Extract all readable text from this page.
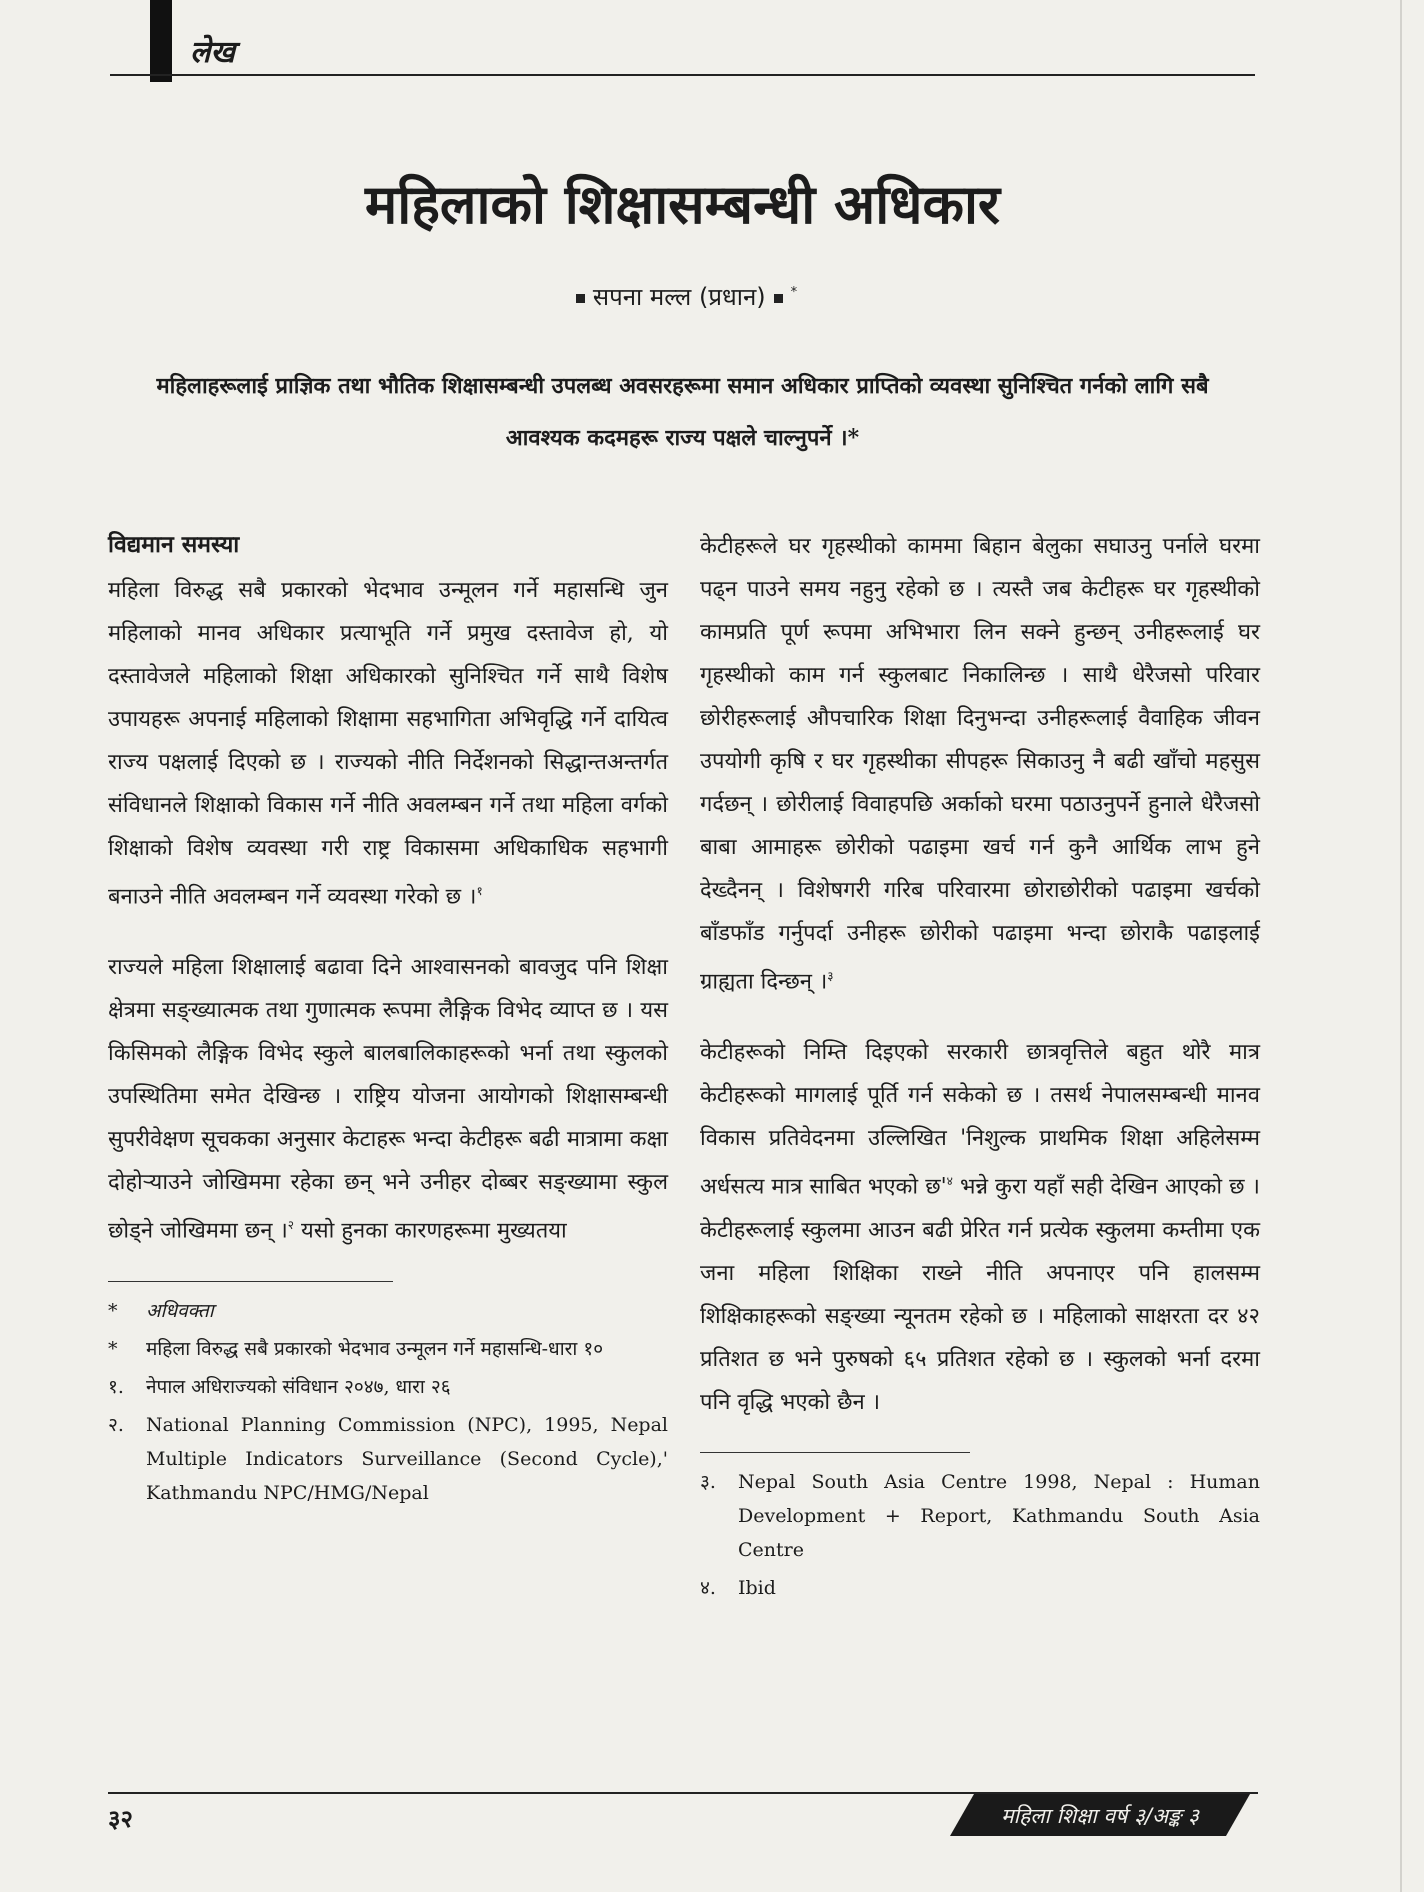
लेख
महिलाको शिक्षासम्बन्धी अधिकार
सपना मल्ल (प्रधान) *
महिलाहरूलाई प्राज्ञिक तथा भौतिक शिक्षासम्बन्धी उपलब्ध अवसरहरूमा समान अधिकार प्राप्तिको व्यवस्था सुनिश्चित गर्नको लागि सबै आवश्यक कदमहरू राज्य पक्षले चाल्नुपर्ने ।*
विद्यमान समस्या

महिला विरुद्ध सबै प्रकारको भेदभाव उन्मूलन गर्ने महासन्धि जुन महिलाको मानव अधिकार प्रत्याभूति गर्ने प्रमुख दस्तावेज हो, यो दस्तावेजले महिलाको शिक्षा अधिकारको सुनिश्चित गर्ने साथै विशेष उपायहरू अपनाई महिलाको शिक्षामा सहभागिता अभिवृद्धि गर्ने दायित्व राज्य पक्षलाई दिएको छ । राज्यको नीति निर्देशनको सिद्धान्तअन्तर्गत संविधानले शिक्षाको विकास गर्ने नीति अवलम्बन गर्ने तथा महिला वर्गको शिक्षाको विशेष व्यवस्था गरी राष्ट्र विकासमा अधिकाधिक सहभागी बनाउने नीति अवलम्बन गर्ने व्यवस्था गरेको छ ।$^१$

राज्यले महिला शिक्षालाई बढावा दिने आश्वासनको बावजुद पनि शिक्षा क्षेत्रमा सङ्ख्यात्मक तथा गुणात्मक रूपमा लैङ्गिक विभेद व्याप्त छ । यस किसिमको लैङ्गिक विभेद स्कुले बालबालिकाहरूको भर्ना तथा स्कुलको उपस्थितिमा समेत देखिन्छ । राष्ट्रिय योजना आयोगको शिक्षासम्बन्धी सुपरीवेक्षण सूचकका अनुसार केटाहरू भन्दा केटीहरू बढी मात्रामा कक्षा दोहोऱ्याउने जोखिममा रहेका छन् भने उनीहर दोब्बर सङ्ख्यामा स्कुल छोड्ने जोखिममा छन् ।$^२$ यसो हुनका कारणहरूमा मुख्यतया

* अधिवक्ता
* महिला विरुद्ध सबै प्रकारको भेदभाव उन्मूलन गर्ने महासन्धि-धारा १०
१. नेपाल अधिराज्यको संविधान २०४७, धारा २६
२. National Planning Commission (NPC), 1995, Nepal Multiple Indicators Surveillance (Second Cycle),' Kathmandu NPC/HMG/Nepal

केटीहरूले घर गृहस्थीको काममा बिहान बेलुका सघाउनु पर्नाले घरमा पढ्न पाउने समय नहुनु रहेको छ । त्यस्तै जब केटीहरू घर गृहस्थीको कामप्रति पूर्ण रूपमा अभिभारा लिन सक्ने हुन्छन् उनीहरूलाई घर गृहस्थीको काम गर्न स्कुलबाट निकालिन्छ । साथै धेरैजसो परिवार छोरीहरूलाई औपचारिक शिक्षा दिनुभन्दा उनीहरूलाई वैवाहिक जीवन उपयोगी कृषि र घर गृहस्थीका सीपहरू सिकाउनु नै बढी खाँचो महसुस गर्दछन् । छोरीलाई विवाहपछि अर्काको घरमा पठाउनुपर्ने हुनाले धेरैजसो बाबा आमाहरू छोरीको पढाइमा खर्च गर्न कुनै आर्थिक लाभ हुने देख्दैनन् । विशेषगरी गरिब परिवारमा छोराछोरीको पढाइमा खर्चको बाँडफाँड गर्नुपर्दा उनीहरू छोरीको पढाइमा भन्दा छोराकै पढाइलाई ग्राह्यता दिन्छन् ।$^३$

केटीहरूको निम्ति दिइएको सरकारी छात्रवृत्तिले बहुत थोरै मात्र केटीहरूको मागलाई पूर्ति गर्न सकेको छ । तसर्थ नेपालसम्बन्धी मानव विकास प्रतिवेदनमा उल्लिखित 'निशुल्क प्राथमिक शिक्षा अहिलेसम्म अर्धसत्य मात्र साबित भएको $छ'^४$ भन्ने कुरा यहाँ सही देखिन आएको छ । केटीहरूलाई स्कुलमा आउन बढी प्रेरित गर्न प्रत्येक स्कुलमा कम्तीमा एक जना महिला शिक्षिका राख्ने नीति अपनाएर पनि हालसम्म शिक्षिकाहरूको सङ्ख्या न्यूनतम रहेको छ । महिलाको साक्षरता दर ४२ प्रतिशत छ भने पुरुषको ६५ प्रतिशत रहेको छ । स्कुलको भर्ना दरमा पनि वृद्धि भएको छैन ।

३. Nepal South Asia Centre 1998, Nepal : Human Development + Report, Kathmandu South Asia Centre
४. Ibid
३२	महिला शिक्षा वर्ष ३/अङ्क ३
